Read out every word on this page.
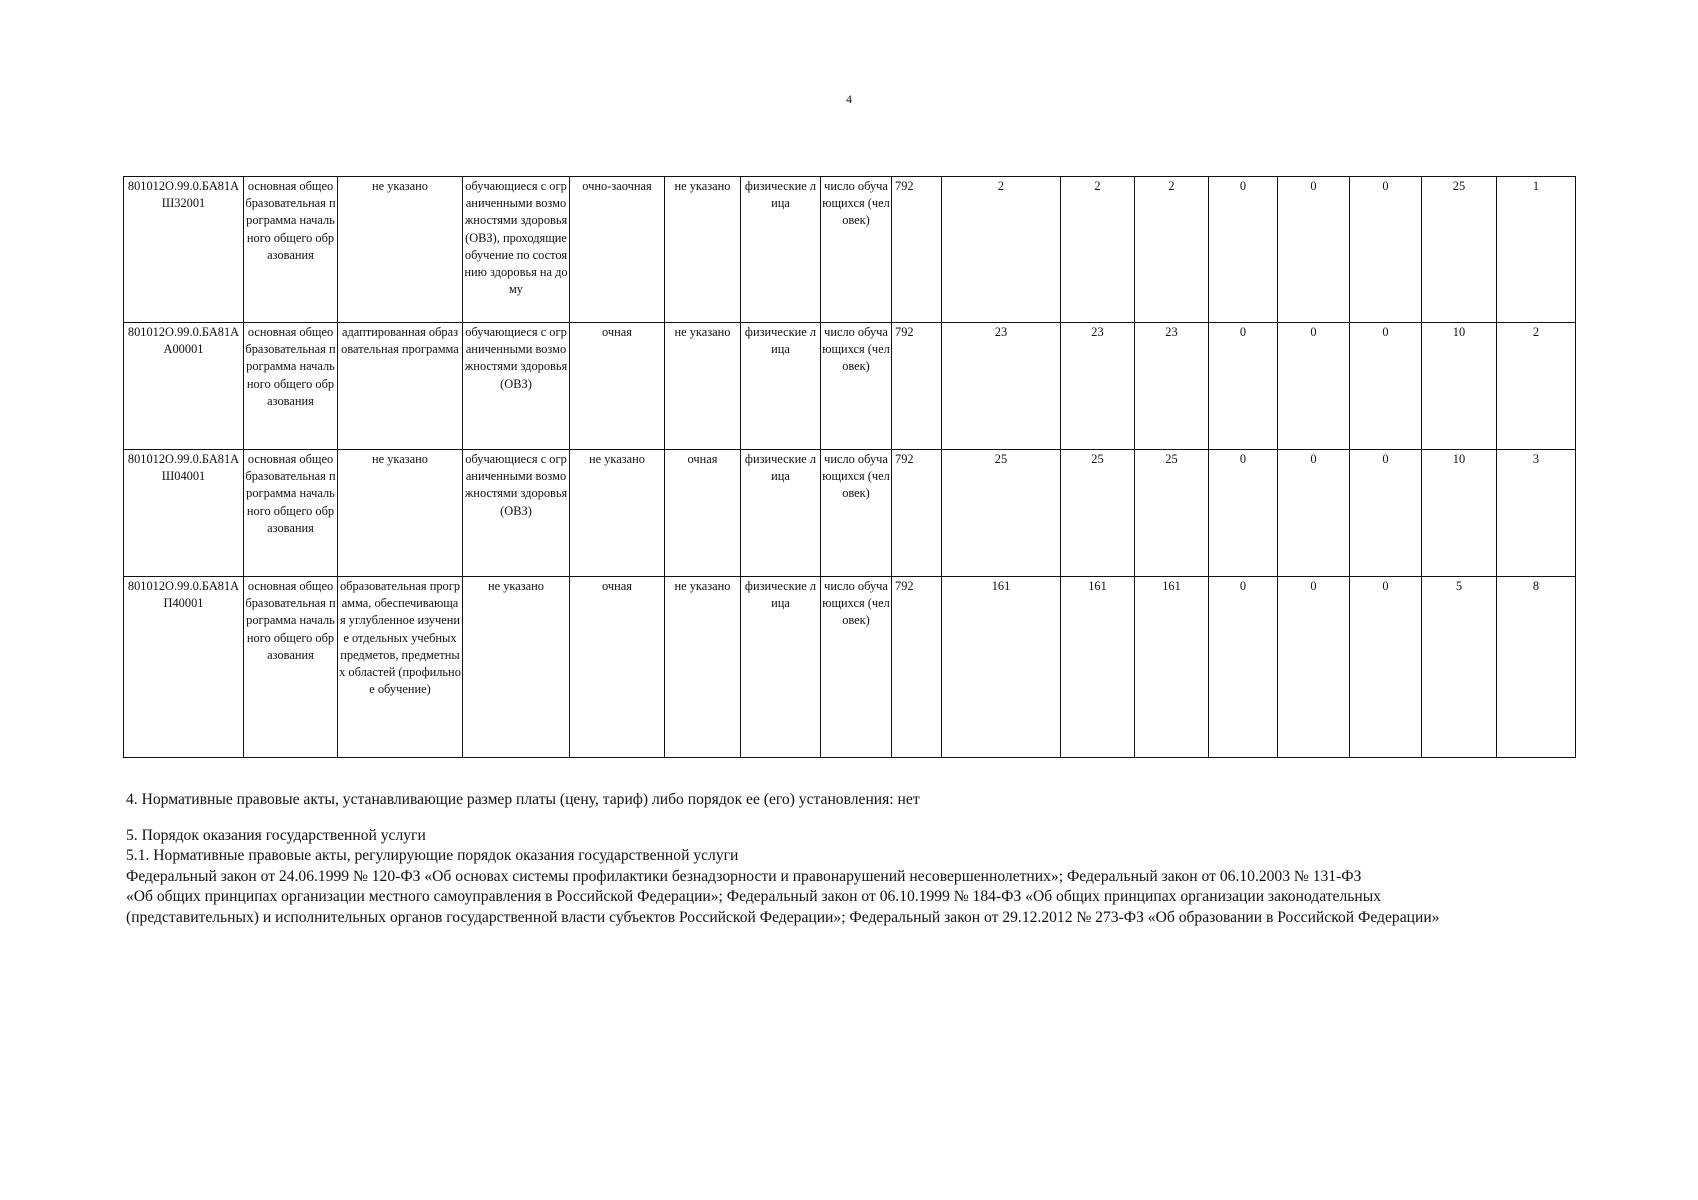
4
801012О.99.0.БА81АШ32001	основная общеобразовательная программа начального общего образования	не указано	обучающиеся с ограниченными возможностями здоровья (ОВЗ), проходящие обучение по состоянию здоровья на дому	очно-заочная	не указано	физические лица	число обучающихся (человек)	792	2	2	2	0	0	0	25	1
801012О.99.0.БА81АА00001	основная общеобразовательная программа начального общего образования	адаптированная образовательная программа	обучающиеся с ограниченными возможностями здоровья (ОВЗ)	очная	не указано	физические лица	число обучающихся (человек)	792	23	23	23	0	0	0	10	2
801012О.99.0.БА81АШ04001	основная общеобразовательная программа начального общего образования	не указано	обучающиеся с ограниченными возможностями здоровья (ОВЗ)	не указано	очная	физические лица	число обучающихся (человек)	792	25	25	25	0	0	0	10	3
801012О.99.0.БА81АП40001	основная общеобразовательная программа начального общего образования	образовательная программа, обеспечивающая углубленное изучение отдельных учебных предметов, предметных областей (профильное обучение)	не указано	очная	не указано	физические лица	число обучающихся (человек)	792	161	161	161	0	0	0	5	8

4. Нормативные правовые акты, устанавливающие размер платы (цену, тариф) либо порядок ее (его) установления: нет

5. Порядок оказания государственной услуги

5.1. Нормативные правовые акты, регулирующие порядок оказания государственной услуги

Федеральный закон от 24.06.1999 № 120-ФЗ «Об основах системы профилактики безнадзорности и правонарушений несовершеннолетних»; Федеральный закон от 06.10.2003 № 131-ФЗ

«Об общих принципах организации местного самоуправления в Российской Федерации»; Федеральный закон от 06.10.1999 № 184-ФЗ «Об общих принципах организации законодательных

(представительных) и исполнительных органов государственной власти субъектов Российской Федерации»; Федеральный закон от 29.12.2012 № 273-ФЗ «Об образовании в Российской Федерации»
